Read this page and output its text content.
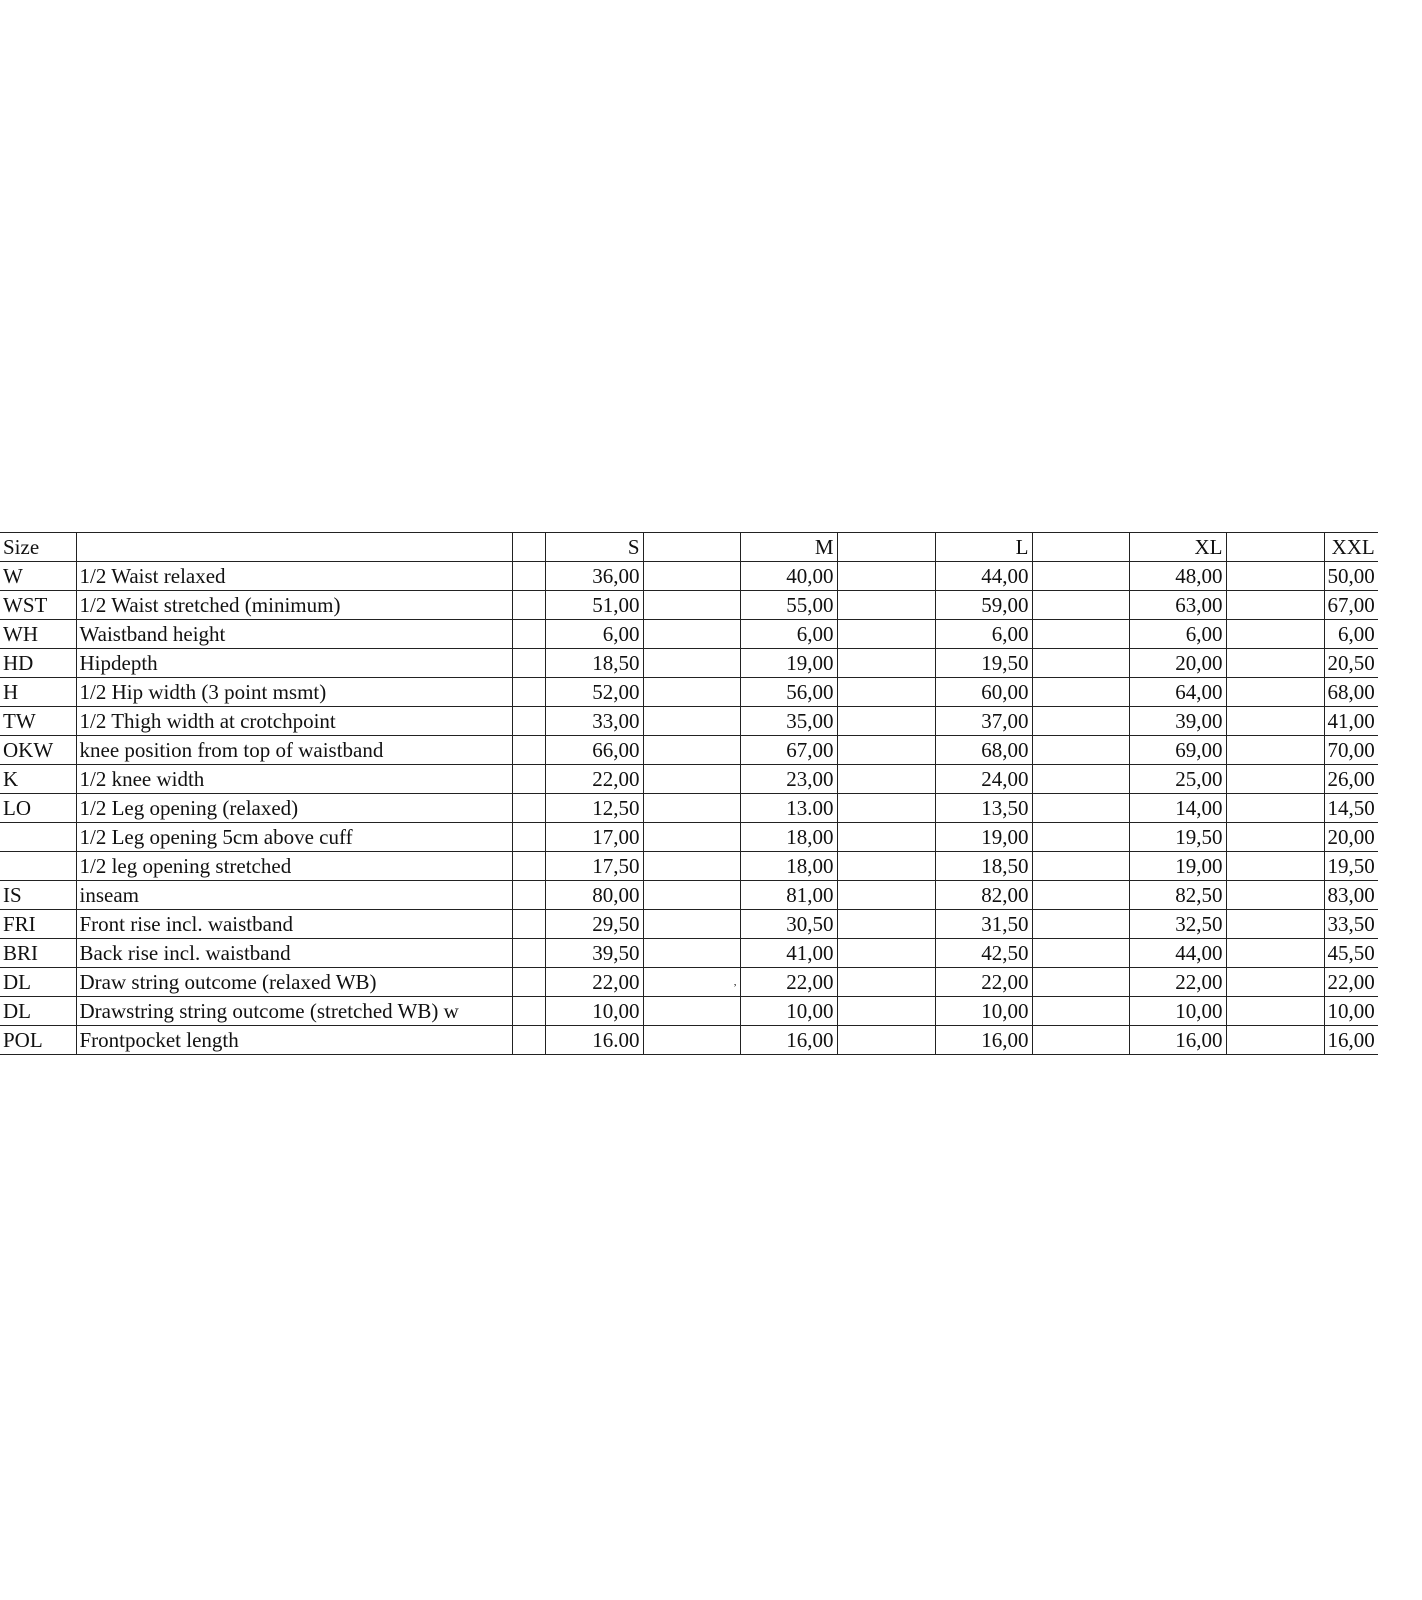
Size			S		M		L		XL		XXL
W	1/2 Waist relaxed		36,00		40,00		44,00		48,00		50,00
WST	1/2 Waist stretched (minimum)		51,00		55,00		59,00		63,00		67,00
WH	Waistband height		6,00		6,00		6,00		6,00		6,00
HD	Hipdepth		18,50		19,00		19,50		20,00		20,50
H	1/2 Hip width (3 point msmt)		52,00		56,00		60,00		64,00		68,00
TW	1/2 Thigh width at crotchpoint		33,00		35,00		37,00		39,00		41,00
OKW	knee position from top of waistband		66,00		67,00		68,00		69,00		70,00
K	1/2 knee width		22,00		23,00		24,00		25,00		26,00
LO	1/2 Leg opening (relaxed)		12,50		13.00		13,50		14,00		14,50
	1/2 Leg opening 5cm above cuff		17,00		18,00		19,00		19,50		20,00
	1/2 leg opening stretched		17,50		18,00		18,50		19,00		19,50
IS	inseam		80,00		81,00		82,00		82,50		83,00
FRI	Front rise incl. waistband		29,50		30,50		31,50		32,50		33,50
BRI	Back rise incl. waistband		39,50		41,00		42,50		44,00		45,50
DL	Draw string outcome (relaxed WB)		22,00	,	22,00		22,00		22,00		22,00
DL	Drawstring string outcome (stretched WB) w		10,00		10,00		10,00		10,00		10,00
POL	Frontpocket length		16.00		16,00		16,00		16,00		16,00
